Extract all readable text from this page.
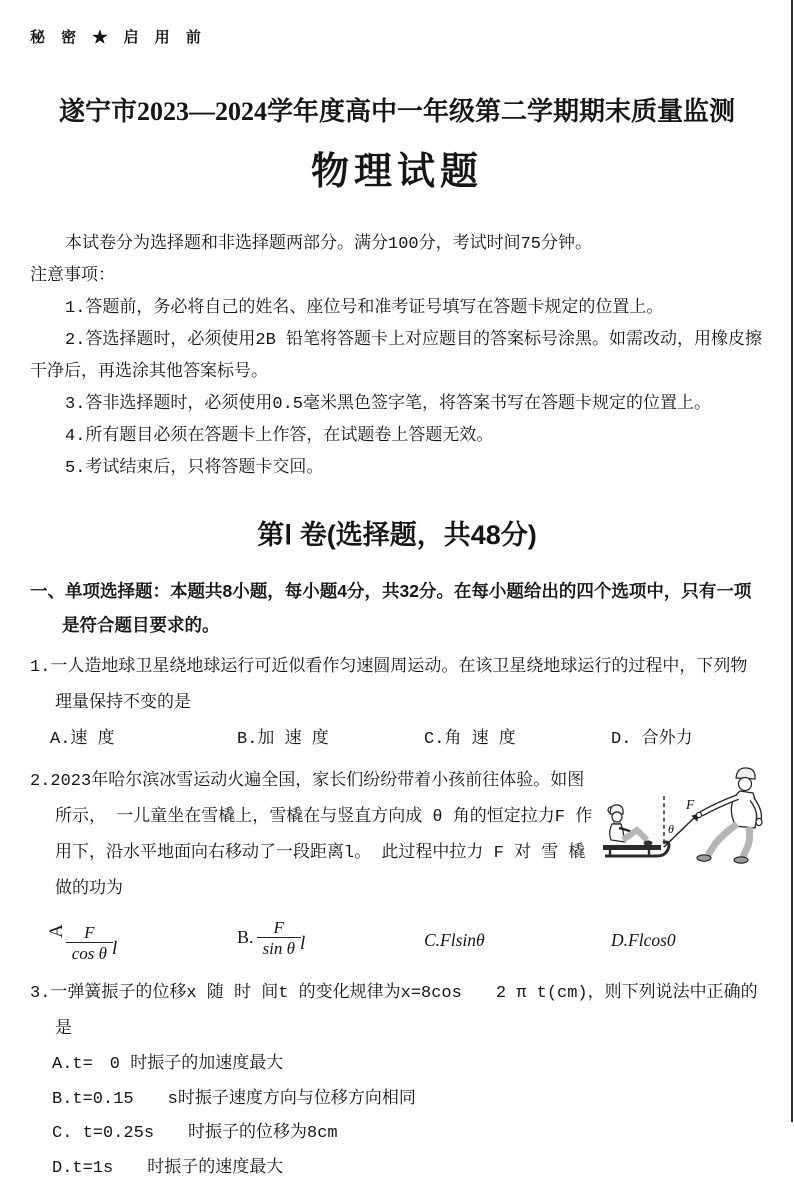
秘 密 ★ 启 用 前
遂宁市2023—2024学年度高中一年级第二学期期末质量监测
物理试题

本试卷分为选择题和非选择题两部分。满分100分，考试时间75分钟。

注意事项：

1.答题前，务必将自己的姓名、座位号和准考证号填写在答题卡规定的位置上。

2.答选择题时，必须使用2B 铅笔将答题卡上对应题目的答案标号涂黑。如需改动，用橡皮擦干净后，再选涂其他答案标号。

3.答非选择题时，必须使用0.5毫米黑色签字笔，将答案书写在答题卡规定的位置上。

4.所有题目必须在答题卡上作答，在试题卷上答题无效。

5.考试结束后，只将答题卡交回。

第Ⅰ 卷(选择题，共48分)

一、单项选择题：本题共8小题，每小题4分，共32分。在每小题给出的四个选项中，只有一项是符合题目要求的。

1.一人造地球卫星绕地球运行可近似看作匀速圆周运动。在该卫星绕地球运行的过程中，下列物理量保持不变的是

A.速 度	B.加 速 度	C.角 速 度	D. 合外力
F
θ

2.2023年哈尔滨冰雪运动火遍全国，家长们纷纷带着小孩前往体验。如图所示， 一儿童坐在雪橇上，雪橇在与竖直方向成 θ 角的恒定拉力F 作用下，沿水平地面向右移动了一段距离l。 此过程中拉力 F 对 雪 橇 做的功为

A
$\frac{F}{\text{cos θ}}$ l
B. $\frac{F}{\text{sin θ}}$ l	C.Flsinθ	D.Flcos0

3.一弹簧振子的位移x 随 时 间t 的变化规律为x=8cos　　2 π t(cm)，则下列说法中正确的是

A.t=　0 时振子的加速度最大

B.t=0.15　　s时振子速度方向与位移方向相同

C. t=0.25s　　时振子的位移为8cm

D.t=1s　　时振子的速度最大
